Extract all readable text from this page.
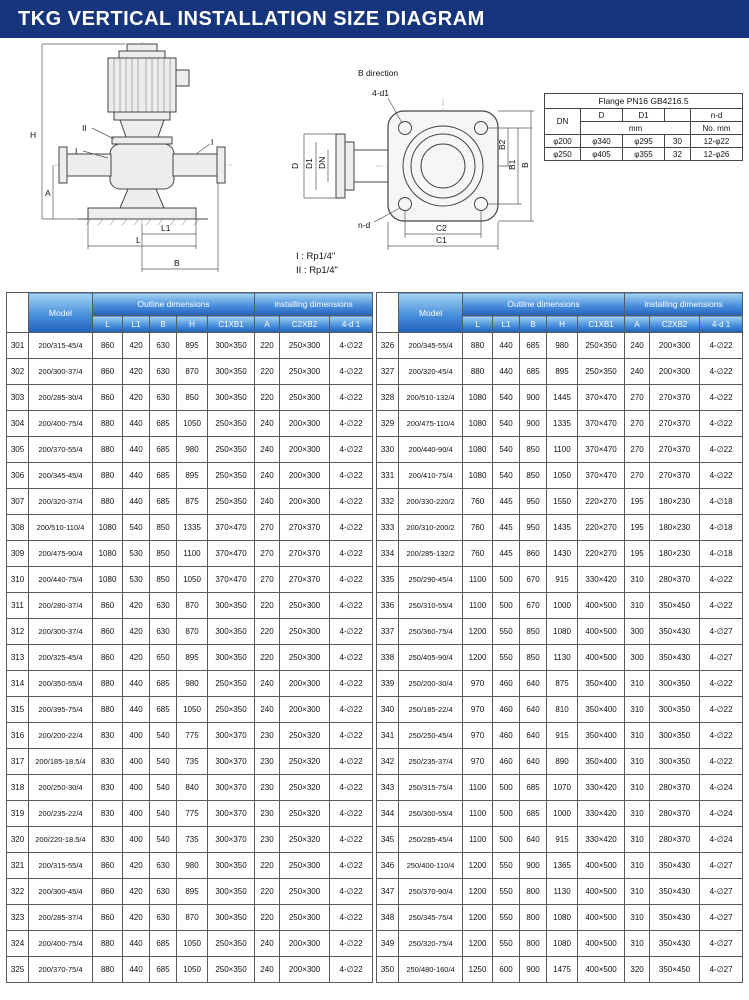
TKG VERTICAL INSTALLATION SIZE DIAGRAM
H
A
II
I
I
L1
L
B
B direction
D D1 DN
4-d1
n-d	C2
C1
B2
B1 B
I : Rp1/4"
II : Rp1/4"
Flange PN16 GB4216.5				
DN	D	D1		n-d
	mm			No. mm
φ200	φ340	φ295	30	12-φ22
φ250	φ405	φ355	32	12-φ26
	Model	Outline dimensions					installing dimensions		
		L	L1	B	H	C1XB1	A	C2XB2	4-d 1
301	200/315-45/4	860	420	630	895	300×350	220	250×300	4-∅22
302	200/300-37/4	860	420	630	870	300×350	220	250×300	4-∅22
303	200/285-30/4	860	420	630	850	300×350	220	250×300	4-∅22
304	200/400-75/4	880	440	685	1050	250×350	240	200×300	4-∅22
305	200/370-55/4	880	440	685	980	250×350	240	200×300	4-∅22
306	200/345-45/4	880	440	685	895	250×350	240	200×300	4-∅22
307	200/320-37/4	880	440	685	875	250×350	240	200×300	4-∅22
308	200/510-110/4	1080	540	850	1335	370×470	270	270×370	4-∅22
309	200/475-90/4	1080	530	850	1100	370×470	270	270×370	4-∅22
310	200/440-75/4	1080	530	850	1050	370×470	270	270×370	4-∅22
311	200/280-37/4	860	420	630	870	300×350	220	250×300	4-∅22
312	200/300-37/4	860	420	630	870	300×350	220	250×300	4-∅22
313	200/325-45/4	860	420	650	895	300×350	220	250×300	4-∅22
314	200/350-55/4	880	440	685	980	250×350	240	200×300	4-∅22
315	200/395-75/4	880	440	685	1050	250×350	240	200×300	4-∅22
316	200/200-22/4	830	400	540	775	300×370	230	250×320	4-∅22
317	200/185-18.5/4	830	400	540	735	300×370	230	250×320	4-∅22
318	200/250-30/4	830	400	540	840	300×370	230	250×320	4-∅22
319	200/235-22/4	830	400	540	775	300×370	230	250×320	4-∅22
320	200/220-18.5/4	830	400	540	735	300×370	230	250×320	4-∅22
321	200/315-55/4	860	420	630	980	300×350	220	250×300	4-∅22
322	200/300-45/4	860	420	630	895	300×350	220	250×300	4-∅22
323	200/285-37/4	860	420	630	870	300×350	220	250×300	4-∅22
324	200/400-75/4	880	440	685	1050	250×350	240	200×300	4-∅22
325	200/370-75/4	880	440	685	1050	250×350	240	200×300	4-∅22
	Model	Outline dimensions					installing dimensions		
		L	L1	B	H	C1XB1	A	C2XB2	4-d 1
326	200/345-55/4	880	440	685	980	250×350	240	200×300	4-∅22
327	200/320-45/4	880	440	685	895	250×350	240	200×300	4-∅22
328	200/510-132/4	1080	540	900	1445	370×470	270	270×370	4-∅22
329	200/475-110/4	1080	540	900	1335	370×470	270	270×370	4-∅22
330	200/440-90/4	1080	540	850	1100	370×470	270	270×370	4-∅22
331	200/410-75/4	1080	540	850	1050	370×470	270	270×370	4-∅22
332	200/330-220/2	760	445	950	1550	220×270	195	180×230	4-∅18
333	200/310-200/2	760	445	950	1435	220×270	195	180×230	4-∅18
334	200/285-132/2	760	445	860	1430	220×270	195	180×230	4-∅18
335	250/290-45/4	1100	500	670	915	330×420	310	280×370	4-∅22
336	250/310-55/4	1100	500	670	1000	400×500	310	350×450	4-∅22
337	250/360-75/4	1200	550	850	1080	400×500	300	350×430	4-∅27
338	250/405-90/4	1200	550	850	1130	400×500	300	350×430	4-∅27
339	250/200-30/4	970	460	640	875	350×400	310	300×350	4-∅22
340	250/185-22/4	970	460	640	810	350×400	310	300×350	4-∅22
341	250/250-45/4	970	460	640	915	350×400	310	300×350	4-∅22
342	250/235-37/4	970	460	640	890	350×400	310	300×350	4-∅22
343	250/315-75/4	1100	500	685	1070	330×420	310	280×370	4-∅24
344	250/300-55/4	1100	500	685	1000	330×420	310	280×370	4-∅24
345	250/285-45/4	1100	500	640	915	330×420	310	280×370	4-∅24
346	250/400-110/4	1200	550	900	1365	400×500	310	350×430	4-∅27
347	250/370-90/4	1200	550	800	1130	400×500	310	350×430	4-∅27
348	250/345-75/4	1200	550	800	1080	400×500	310	350×430	4-∅27
349	250/320-75/4	1200	550	800	1080	400×500	310	350×430	4-∅27
350	250/480-160/4	1250	600	900	1475	400×500	320	350×450	4-∅27
